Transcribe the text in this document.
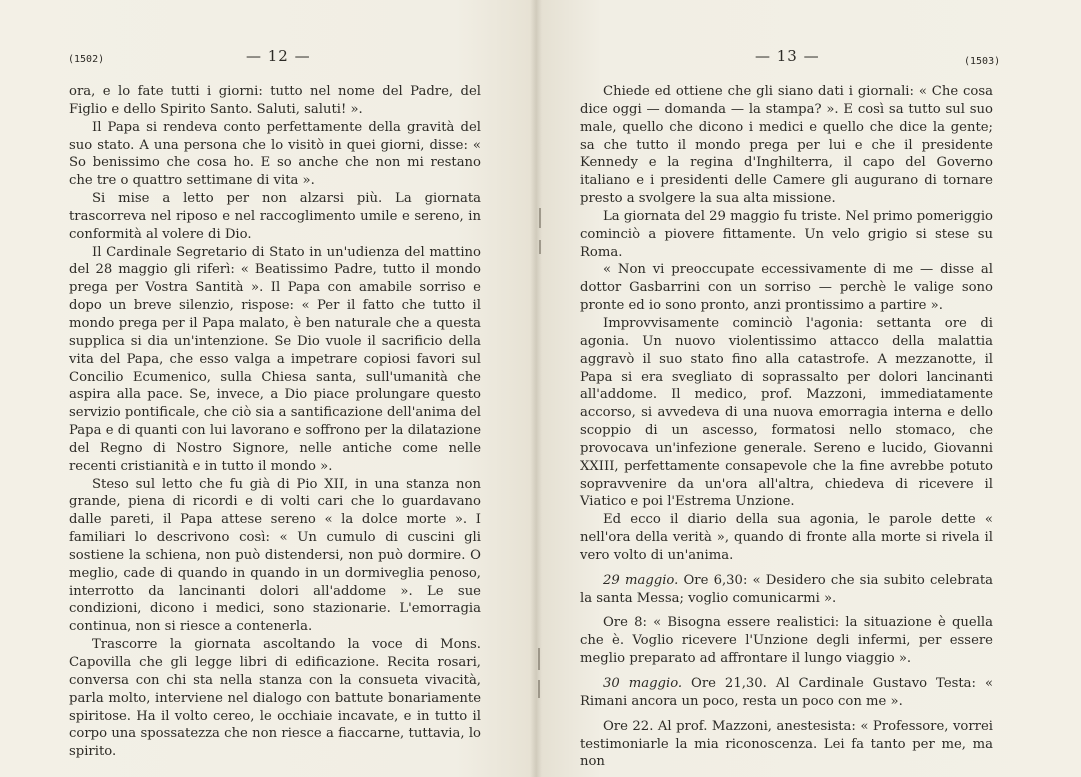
(1502)	— 12 —

ora, e lo fate tutti i giorni: tutto nel nome del Padre, del Figlio e dello Spirito Santo. Saluti, saluti! ».

Il Papa si rendeva conto perfettamente della gravità del suo stato. A una persona che lo visitò in quei giorni, disse: « So benissimo che cosa ho. E so anche che non mi restano che tre o quattro settimane di vita ».

Si mise a letto per non alzarsi più. La giornata trascorreva nel riposo e nel raccoglimento umile e sereno, in conformità al volere di Dio.

Il Cardinale Segretario di Stato in un'udienza del mattino del 28 maggio gli riferì: « Beatissimo Padre, tutto il mondo prega per Vostra Santità ». Il Papa con amabile sorriso e dopo un breve silenzio, rispose: « Per il fatto che tutto il mondo prega per il Papa malato, è ben naturale che a questa supplica si dia un'intenzione. Se Dio vuole il sacrificio della vita del Papa, che esso valga a impetrare copiosi favori sul Concilio Ecumenico, sulla Chiesa santa, sull'umanità che aspira alla pace. Se, invece, a Dio piace prolungare questo servizio pontificale, che ciò sia a santificazione dell'anima del Papa e di quanti con lui lavorano e soffrono per la dilatazione del Regno di Nostro Signore, nelle antiche come nelle recenti cristianità e in tutto il mondo ».

Steso sul letto che fu già di Pio XII, in una stanza non grande, piena di ricordi e di volti cari che lo guardavano dalle pareti, il Papa attese sereno « la dolce morte ». I familiari lo descrivono così: « Un cumulo di cuscini gli sostiene la schiena, non può distendersi, non può dormire. O meglio, cade di quando in quando in un dormiveglia penoso, interrotto da lancinanti dolori all'addome ». Le sue condizioni, dicono i medici, sono stazionarie. L'emorragia continua, non si riesce a contenerla.

Trascorre la giornata ascoltando la voce di Mons. Capovilla che gli legge libri di edificazione. Recita rosari, conversa con chi sta nella stanza con la consueta vivacità, parla molto, interviene nel dialogo con battute bonariamente spiritose. Ha il volto cereo, le occhiaie incavate, e in tutto il corpo una spossatezza che non riesce a fiaccarne, tuttavia, lo spirito.

(1503)
— 13 —

Chiede ed ottiene che gli siano dati i giornali: « Che cosa dice oggi — domanda — la stampa? ». E così sa tutto sul suo male, quello che dicono i medici e quello che dice la gente; sa che tutto il mondo prega per lui e che il presidente Kennedy e la regina d'Inghilterra, il capo del Governo italiano e i presidenti delle Camere gli augurano di tornare presto a svolgere la sua alta missione.

La giornata del 29 maggio fu triste. Nel primo pomeriggio cominciò a piovere fittamente. Un velo grigio si stese su Roma.

« Non vi preoccupate eccessivamente di me — disse al dottor Gasbarrini con un sorriso — perchè le valige sono pronte ed io sono pronto, anzi prontissimo a partire ».

Improvvisamente cominciò l'agonia: settanta ore di agonia. Un nuovo violentissimo attacco della malattia aggravò il suo stato fino alla catastrofe. A mezzanotte, il Papa si era svegliato di soprassalto per dolori lancinanti all'addome. Il medico, prof. Mazzoni, immediatamente accorso, si avvedeva di una nuova emorragia interna e dello scoppio di un ascesso, formatosi nello stomaco, che provocava un'infezione generale. Sereno e lucido, Giovanni XXIII, perfettamente consapevole che la fine avrebbe potuto sopravvenire da un'ora all'altra, chiedeva di ricevere il Viatico e poi l'Estrema Unzione.

Ed ecco il diario della sua agonia, le parole dette « nell'ora della verità », quando di fronte alla morte si rivela il vero volto di un'anima.

29 maggio. Ore 6,30: « Desidero che sia subito celebrata la santa Messa; voglio comunicarmi ».

Ore 8: « Bisogna essere realistici: la situazione è quella che è. Voglio ricevere l'Unzione degli infermi, per essere meglio preparato ad affrontare il lungo viaggio ».

30 maggio. Ore 21,30. Al Cardinale Gustavo Testa: « Rimani ancora un poco, resta un poco con me ».

Ore 22. Al prof. Mazzoni, anestesista: « Professore, vorrei testimoniarle la mia riconoscenza. Lei fa tanto per me, ma non
